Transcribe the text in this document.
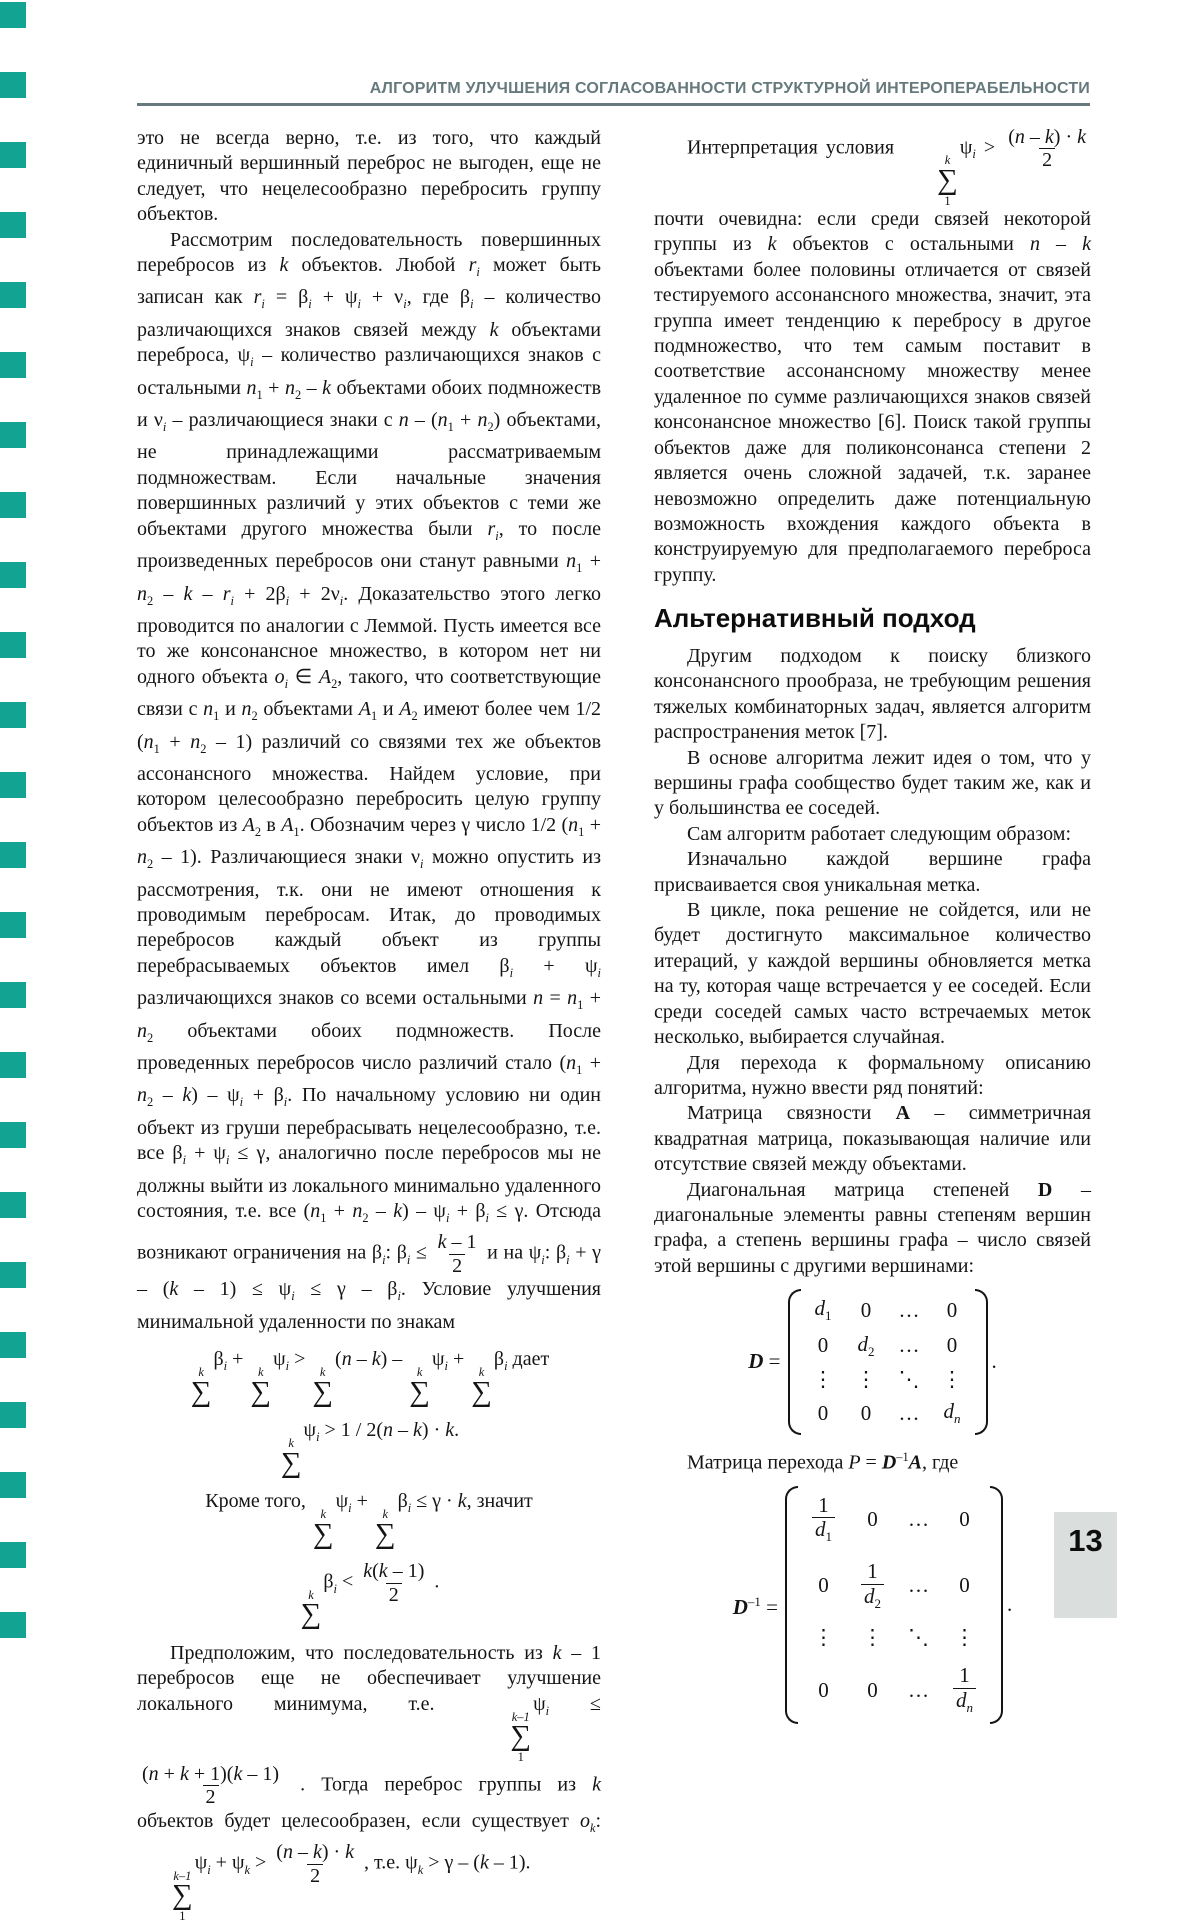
АЛГОРИТМ УЛУЧШЕНИЯ СОГЛАСОВАННОСТИ СТРУКТУРНОЙ ИНТЕРОПЕРАБЕЛЬНОСТИ
это не всегда верно, т.е. из того, что каждый единичный вершинный переброс не выгоден, еще не следует, что нецелесообразно перебросить группу объектов.
Рассмотрим последовательность повершинных перебросов из k объектов. Любой $r_i$ может быть записан как $r_i = \beta_i + \psi_i + \nu_i$, где $\beta_i$ – количество различающихся знаков связей между k объектами переброса, $\psi_i$ – количество различающихся знаков с остальными $n_1 + n_2 - k$ объектами обоих подмножеств и $\nu_i$ – различающиеся знаки с $n - (n_1 + n_2)$ объектами, не принадлежащими рассматриваемым подмножествам. Если начальные значения повершинных различий у этих объектов с теми же объектами другого множества были $r_i$, то после произведенных перебросов они станут равными $n_1 + n_2 - k - r_i + 2\beta_i + 2\nu_i$. Доказательство этого легко проводится по аналогии с Леммой. Пусть имеется все то же консонансное множество, в котором нет ни одного объекта $o_i$ ∈ $A_2$, такого, что соответствующие связи с $n_1$ и $n_2$ объектами $A_1$ и $A_2$ имеют более чем 1/2 $(n_1 + n_2 - 1)$ различий со связями тех же объектов ассонансного множества. Найдем условие, при котором целесообразно перебросить целую группу объектов из $A_2$ в $A_1$. Обозначим через γ число 1/2 $(n_1 + n_2 - 1)$. Различающиеся знаки $\nu_i$ можно опустить из рассмотрения, т.к. они не имеют отношения к проводимым перебросам. Итак, до проводимых перебросов каждый объект из группы перебрасываемых объектов имел $\beta_i + \psi_i$ различающихся знаков со всеми остальными $n = n_1 + n_2$ объектами обоих подмножеств. После проведенных перебросов число различий стало $(n_1 + n_2 - k) - \psi_i + \beta_i$. По начальному условию ни один объект из груши перебрасывать нецелесообразно, т.е. все $\beta_i + \psi_i \le \gamma$, аналогично после перебросов мы не должны выйти из локального минимально удаленного состояния, т.е. все $(n_1 + n_2 - k) - \psi_i + \beta_i \le \gamma$. Отсюда возникают ограничения на $\beta_i$: $\beta_i \le \frac{k - 1}{2}$ и на $\psi_i$: $\beta_i + \gamma - (k - 1) \le \psi_i \le \gamma - \beta_i$. Условие улучшения минимальной удаленности по знакам
k
∑
$\beta_i$ +
k
∑
$\psi_i$ >
k
∑
(n – k) –
k
∑
$\psi_i$ +
k
∑
$\beta_i$ дает
k
∑
$\psi_i > 1 / 2(n - k) \cdot k$.
Кроме того,
k
∑
$\psi_i$ +
k
∑
$\beta_i \le \gamma \cdot k$, значит
k
∑
$\beta_i < \frac{k(k - 1)}{2}$ .
Предположим, что последовательность из k – 1 перебросов еще не обеспечивает улучшение локального минимума, т.е.
k–1
∑
1
$\psi_i$ ≤
$\frac{(n + k + 1)(k - 1)}{2}$ . Тогда переброс группы из k объектов будет целесообразен, если существует $o_k$:
k–1
∑
1
$\psi_i + \psi_k > \frac{(n - k) \cdot k}{2}$ , т.е. $\psi_k > \gamma - (k - 1)$.
Интерпретация условия
k
∑
1
$\psi_i > \frac{(n - k) \cdot k}{2}$
почти очевидна: если среди связей некоторой группы из k объектов с остальными n – k объектами более половины отличается от связей тестируемого ассонансного множества, значит, эта группа имеет тенденцию к перебросу в другое подмножество, что тем самым поставит в соответствие ассонансному множеству менее удаленное по сумме различающихся знаков связей консонансное множество [6]. Поиск такой группы объектов даже для поликонсонанса степени 2 является очень сложной задачей, т.к. заранее невозможно определить даже потенциальную возможность вхождения каждого объекта в конструируемую для предполагаемого переброса группу.
Альтернативный подход
Другим подходом к поиску близкого консонансного прообраза, не требующим решения тяжелых комбинаторных задач, является алгоритм распространения меток [7].
В основе алгоритма лежит идея о том, что у вершины графа сообщество будет таким же, как и у большинства ее соседей.
Сам алгоритм работает следующим образом:
Изначально каждой вершине графа присваивается своя уникальная метка.
В цикле, пока решение не сойдется, или не будет достигнуто максимальное количество итераций, у каждой вершины обновляется метка на ту, которая чаще встречается у ее соседей. Если среди соседей самых часто встречаемых меток несколько, выбирается случайная.
Для перехода к формальному описанию алгоритма, нужно ввести ряд понятий:
Матрица связности A – симметричная квадратная матрица, показывающая наличие или отсутствие связей между объектами.
Диагональная матрица степеней D – диагональные элементы равны степеням вершин графа, а степень вершины графа – число связей этой вершины с другими вершинами:
D =
$d_1$ 0 … 0
0 $d_2$ … 0
⋮ ⋮ ⋱ ⋮
0 0 … $d_n$
.
Матрица перехода $P = D^{-1}A$, где
$D^{-1}$ =
$\frac{1}{d_1} 0$ … 0
$0 \frac{1}{d_2}$ … 0
⋮ ⋮ ⋱ ⋮
0 0 … $\frac{1}{d_n}$
.
13
